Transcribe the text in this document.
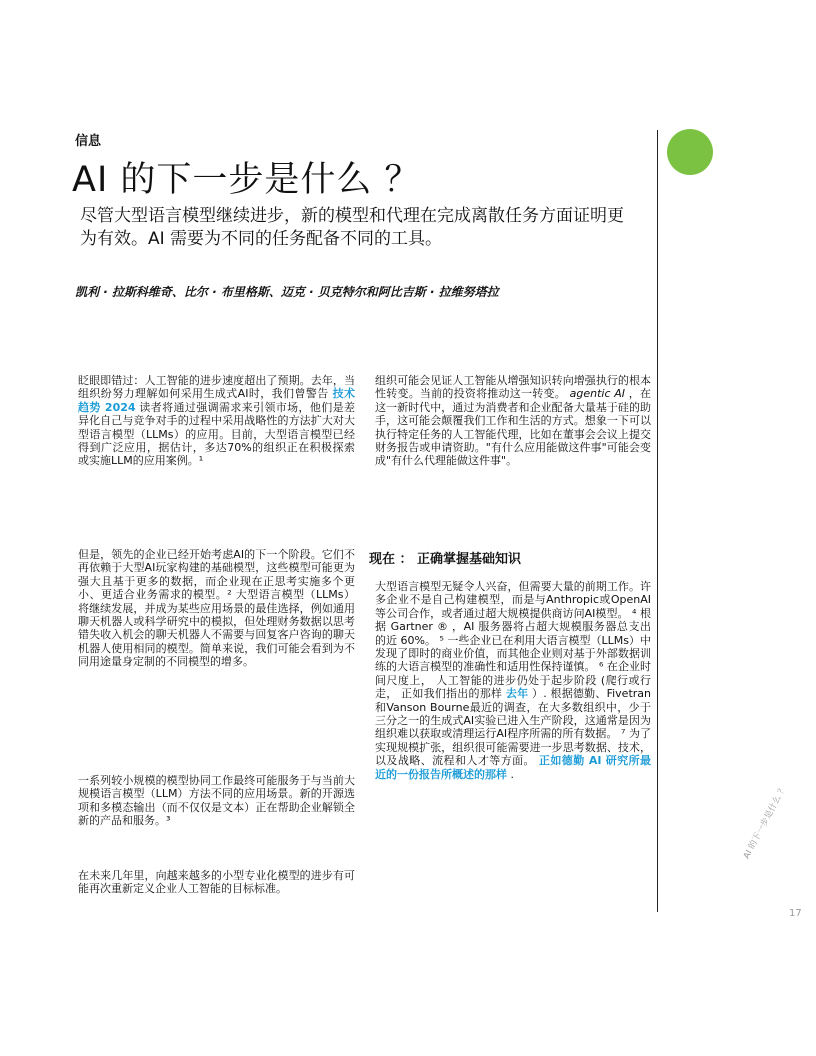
信息
AI 的下一步是什么 ？

尽管大型语言模型继续进步，新的模型和代理在完成离散任务方面证明更为有效。AI 需要为不同的任务配备不同的工具。

凯利 · 拉斯科维奇、比尔 · 布里格斯、迈克 · 贝克特尔和阿比吉斯 · 拉维努塔拉

眨眼即错过：人工智能的进步速度超出了预期。去年，当组织纷努力理解如何采用生成式AI时，我们曾警告 技术趋势 2024 读者将通过强调需求来引领市场，他们是差异化自己与竞争对手的过程中采用战略性的方法扩大对大型语言模型（LLMs）的应用。目前，大型语言模型已经得到广泛应用，据估计，多达70%的组织正在积极探索或实施LLM的应用案例。¹

但是，领先的企业已经开始考虑AI的下一个阶段。它们不再依赖于大型AI玩家构建的基础模型，这些模型可能更为强大且基于更多的数据，而企业现在正思考实施多个更小、更适合业务需求的模型。² 大型语言模型（LLMs）将继续发展，并成为某些应用场景的最佳选择，例如通用聊天机器人或科学研究中的模拟，但处理财务数据以思考错失收入机会的聊天机器人不需要与回复客户咨询的聊天机器人使用相同的模型。简单来说，我们可能会看到为不同用途量身定制的不同模型的增多。

一系列较小规模的模型协同工作最终可能服务于与当前大规模语言模型（LLM）方法不同的应用场景。新的开源选项和多模态输出（而不仅仅是文本）正在帮助企业解锁全新的产品和服务。³

在未来几年里，向越来越多的小型专业化模型的进步有可能再次重新定义企业人工智能的目标标准。

组织可能会见证人工智能从增强知识转向增强执行的根本性转变。当前的投资将推动这一转变。 agentic AI ，在这一新时代中，通过为消费者和企业配备大量基于硅的助手，这可能会颠覆我们工作和生活的方式。想象一下可以执行特定任务的人工智能代理，比如在董事会会议上提交财务报告或申请资助。"有什么应用能做这件事"可能会变成"有什么代理能做这件事"。

现在 ： 正确掌握基础知识

大型语言模型无疑令人兴奋，但需要大量的前期工作。许多企业不是自己构建模型，而是与Anthropic或OpenAI等公司合作，或者通过超大规模提供商访问AI模型。 ⁴ 根据 Gartner ® ，AI 服务器将占超大规模服务器总支出的近 60%。 ⁵ 一些企业已在利用大语言模型（LLMs）中发现了即时的商业价值，而其他企业则对基于外部数据训练的大语言模型的准确性和适用性保持谨慎。 ⁶ 在企业时间尺度上， 人工智能的进步仍处于起步阶段 (爬行或行走， 正如我们指出的那样 去年 ）. 根据德勤、Fivetran和Vanson Bourne最近的调查，在大多数组织中，少于三分之一的生成式AI实验已进入生产阶段，这通常是因为组织难以获取或清理运行AI程序所需的所有数据。 ⁷ 为了实现规模扩张，组织很可能需要进一步思考数据、技术，以及战略、流程和人才等方面。 正如德勤 AI 研究所最近的一份报告所概述的那样 .

AI 的下一步是什么 ？
17
